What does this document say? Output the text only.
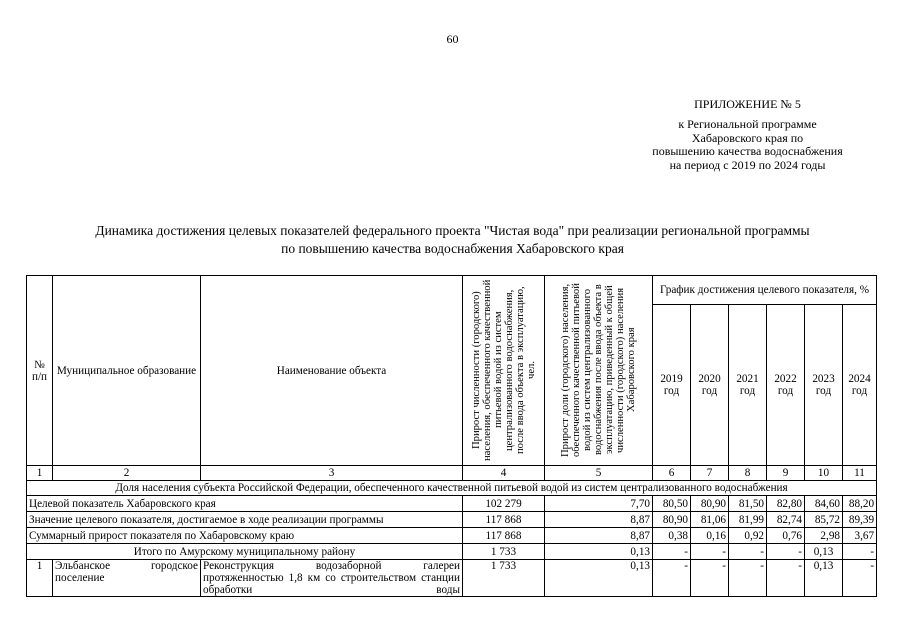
60
ПРИЛОЖЕНИЕ № 5
к Региональной программе
Хабаровского края по
повышению качества водоснабжения
на период с 2019 по 2024 годы
Динамика достижения целевых показателей федерального проекта "Чистая вода" при реализации региональной программы
по повышению качества водоснабжения Хабаровского края
№ п/п	Муниципальное образование	Наименование объекта	Прирост численности (городского) населения, обеспеченного качественной питьевой водой из систем централизованного водоснабжения, после ввода объекта в эксплуатацию, чел.	Прирост доли (городского) населения, обеспеченного качественной питьевой водой из систем централизованного водоснабжения после ввода объекта в эксплуатацию, приведенный к общей численности (городского) населения Хабаровского края	График достижения целевого показателя, %					
					2019 год	2020 год	2021 год	2022 год	2023 год	2024 год

1	2	3	4	5	6	7	8	9	10	11
Доля населения субъекта Российской Федерации, обеспеченного качественной питьевой водой из систем централизованного водоснабжения										
Целевой показатель Хабаровского края			102 279	7,70	80,50	80,90	81,50	82,80	84,60	88,20
Значение целевого показателя, достигаемое в ходе реализации программы			117 868	8,87	80,90	81,06	81,99	82,74	85,72	89,39
Суммарный прирост показателя по Хабаровскому краю			117 868	8,87	0,38	0,16	0,92	0,76	2,98	3,67
Итого по Амурскому муниципальному району			1 733	0,13	-	-	-	-	0,13	-
1	Эльбанское городское поселение	Реконструкция водозаборной галереи протяженностью 1,8 км со строительством станции обработки воды	1 733	0,13	-	-	-	-	0,13	-
